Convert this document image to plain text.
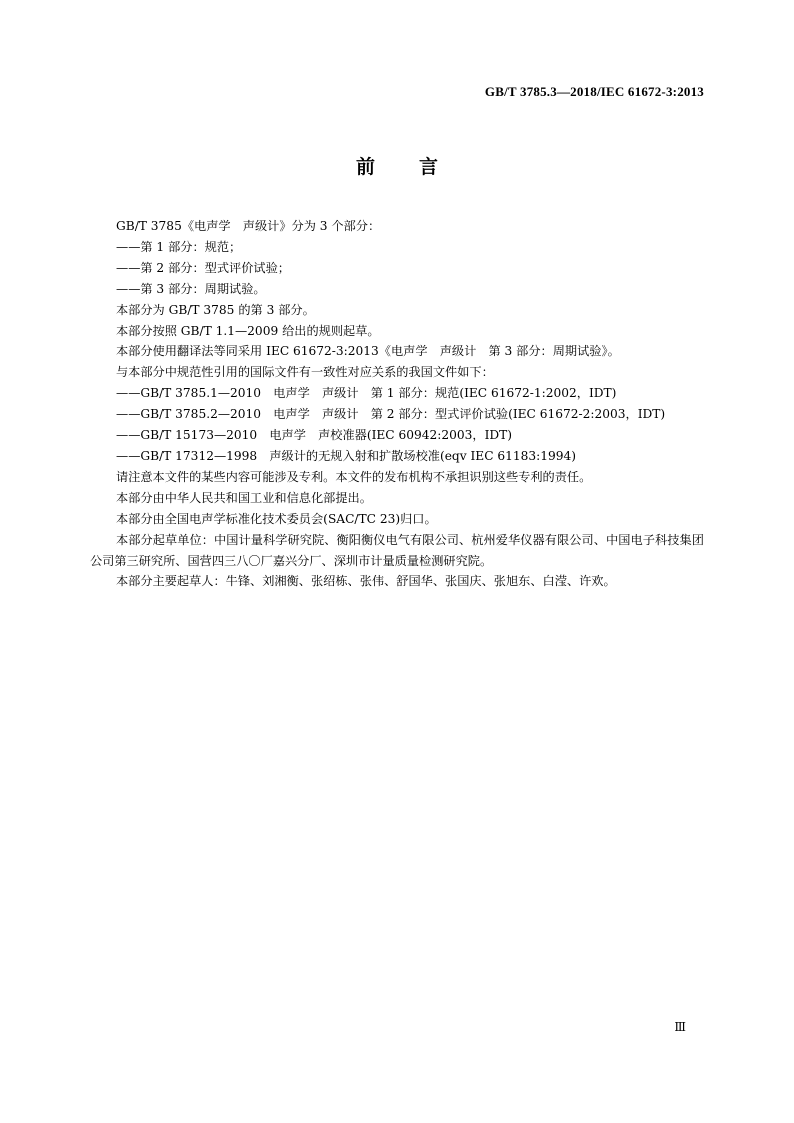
GB/T 3785.3—2018/IEC 61672-3:2013
前言

GB/T 3785《电声学　声级计》分为 3 个部分：

——第 1 部分：规范；

——第 2 部分：型式评价试验；

——第 3 部分：周期试验。

本部分为 GB/T 3785 的第 3 部分。

本部分按照 GB/T 1.1—2009 给出的规则起草。

本部分使用翻译法等同采用 IEC 61672-3:2013《电声学　声级计　第 3 部分：周期试验》。

与本部分中规范性引用的国际文件有一致性对应关系的我国文件如下：

——GB/T 3785.1—2010　电声学　声级计　第 1 部分：规范(IEC 61672-1:2002，IDT)

——GB/T 3785.2—2010　电声学　声级计　第 2 部分：型式评价试验(IEC 61672-2:2003，IDT)

——GB/T 15173—2010　电声学　声校准器(IEC 60942:2003，IDT)

——GB/T 17312—1998　声级计的无规入射和扩散场校准(eqv IEC 61183:1994)

请注意本文件的某些内容可能涉及专利。本文件的发布机构不承担识别这些专利的责任。

本部分由中华人民共和国工业和信息化部提出。

本部分由全国电声学标准化技术委员会(SAC/TC 23)归口。

本部分起草单位：中国计量科学研究院、衡阳衡仪电气有限公司、杭州爱华仪器有限公司、中国电子科技集团公司第三研究所、国营四三八〇厂嘉兴分厂、深圳市计量质量检测研究院。

本部分主要起草人：牛锋、刘湘衡、张绍栋、张伟、舒国华、张国庆、张旭东、白滢、许欢。

Ⅲ
